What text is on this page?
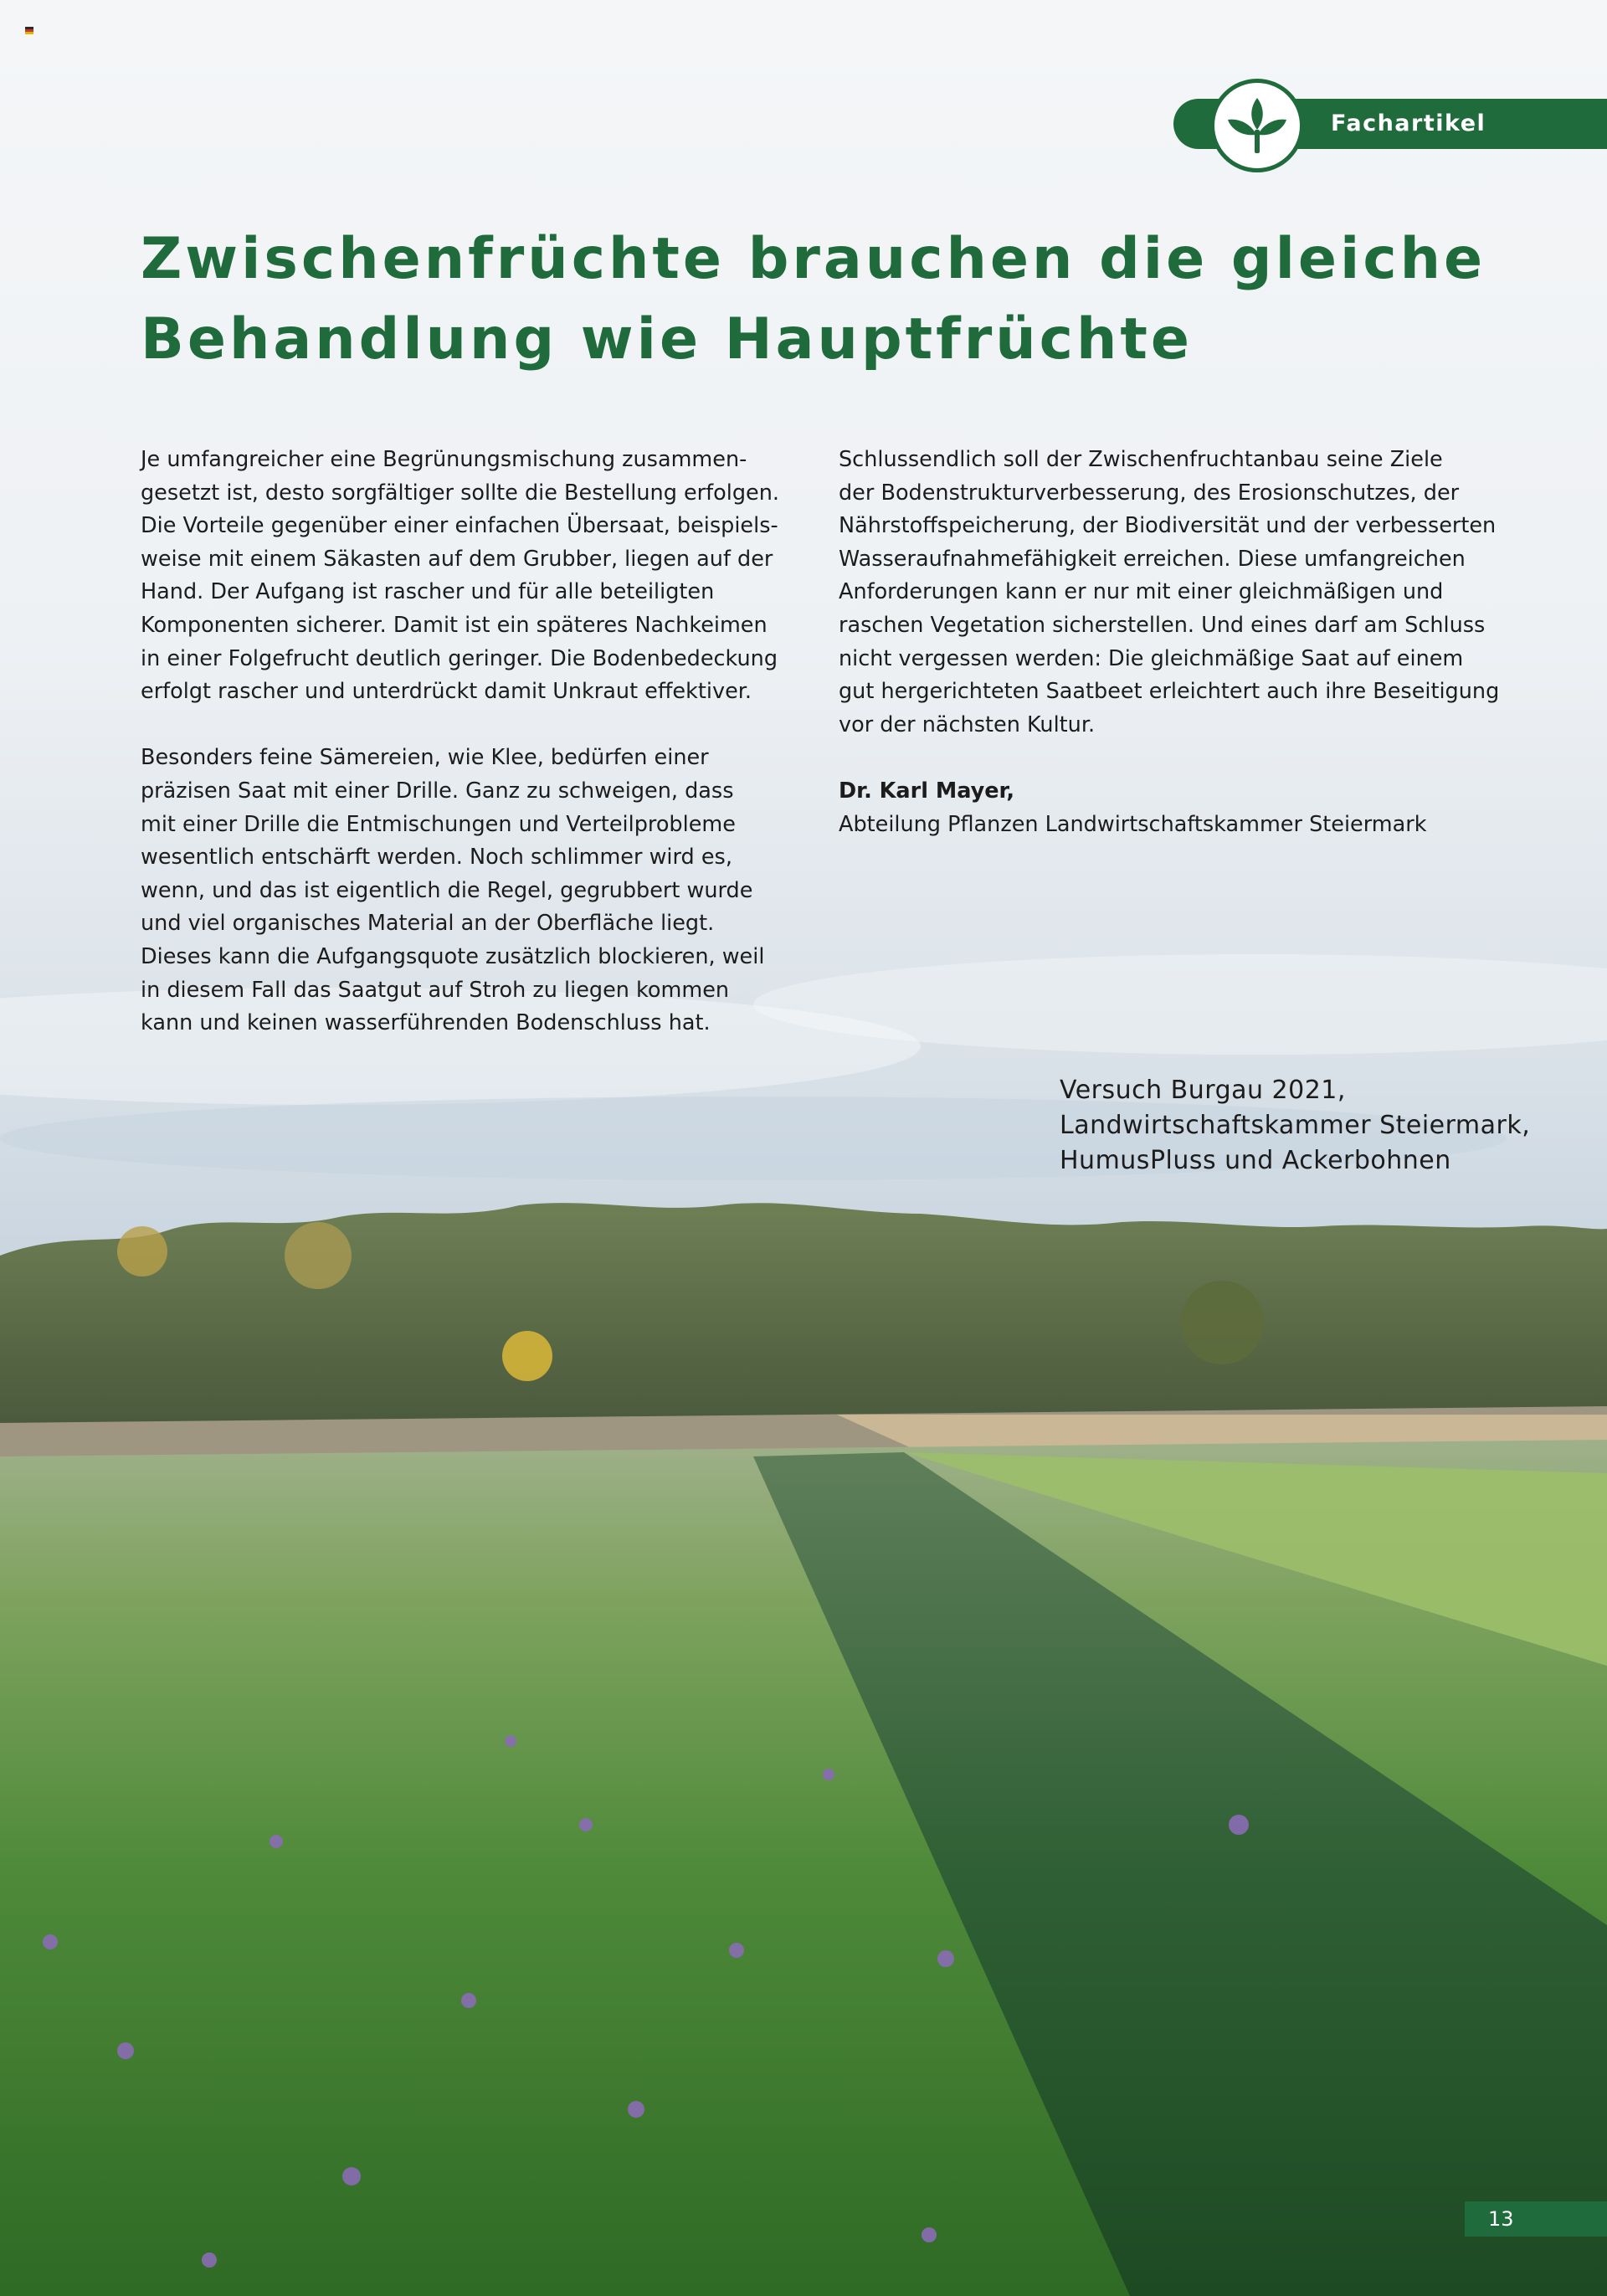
Fachartikel
Zwischenfrüchte brauchen die gleiche
Behandlung wie Hauptfrüchte
Je umfangreicher eine Begrünungsmischung zusammen-
gesetzt ist, desto sorgfältiger sollte die Bestellung erfolgen.
Die Vorteile gegenüber einer einfachen Übersaat, beispiels-
weise mit einem Säkasten auf dem Grubber, liegen auf der
Hand. Der Aufgang ist rascher und für alle beteiligten
Komponenten sicherer. Damit ist ein späteres Nachkeimen
in einer Folgefrucht deutlich geringer. Die Bodenbedeckung
erfolgt rascher und unterdrückt damit Unkraut effektiver.
Besonders feine Sämereien, wie Klee, bedürfen einer
präzisen Saat mit einer Drille. Ganz zu schweigen, dass
mit einer Drille die Entmischungen und Verteilprobleme
wesentlich entschärft werden. Noch schlimmer wird es,
wenn, und das ist eigentlich die Regel, gegrubbert wurde
und viel organisches Material an der Oberfläche liegt.
Dieses kann die Aufgangsquote zusätzlich blockieren, weil
in diesem Fall das Saatgut auf Stroh zu liegen kommen
kann und keinen wasserführenden Bodenschluss hat.
Schlussendlich soll der Zwischenfruchtanbau seine Ziele
der Bodenstrukturverbesserung, des Erosionschutzes, der
Nährstoffspeicherung, der Biodiversität und der verbesserten
Wasseraufnahmefähigkeit erreichen. Diese umfangreichen
Anforderungen kann er nur mit einer gleichmäßigen und
raschen Vegetation sicherstellen. Und eines darf am Schluss
nicht vergessen werden: Die gleichmäßige Saat auf einem
gut hergerichteten Saatbeet erleichtert auch ihre Beseitigung
vor der nächsten Kultur.
Dr. Karl Mayer,
Abteilung Pflanzen Landwirtschaftskammer Steiermark
Versuch Burgau 2021,
Landwirtschaftskammer Steiermark,
HumusPluss und Ackerbohnen
13
